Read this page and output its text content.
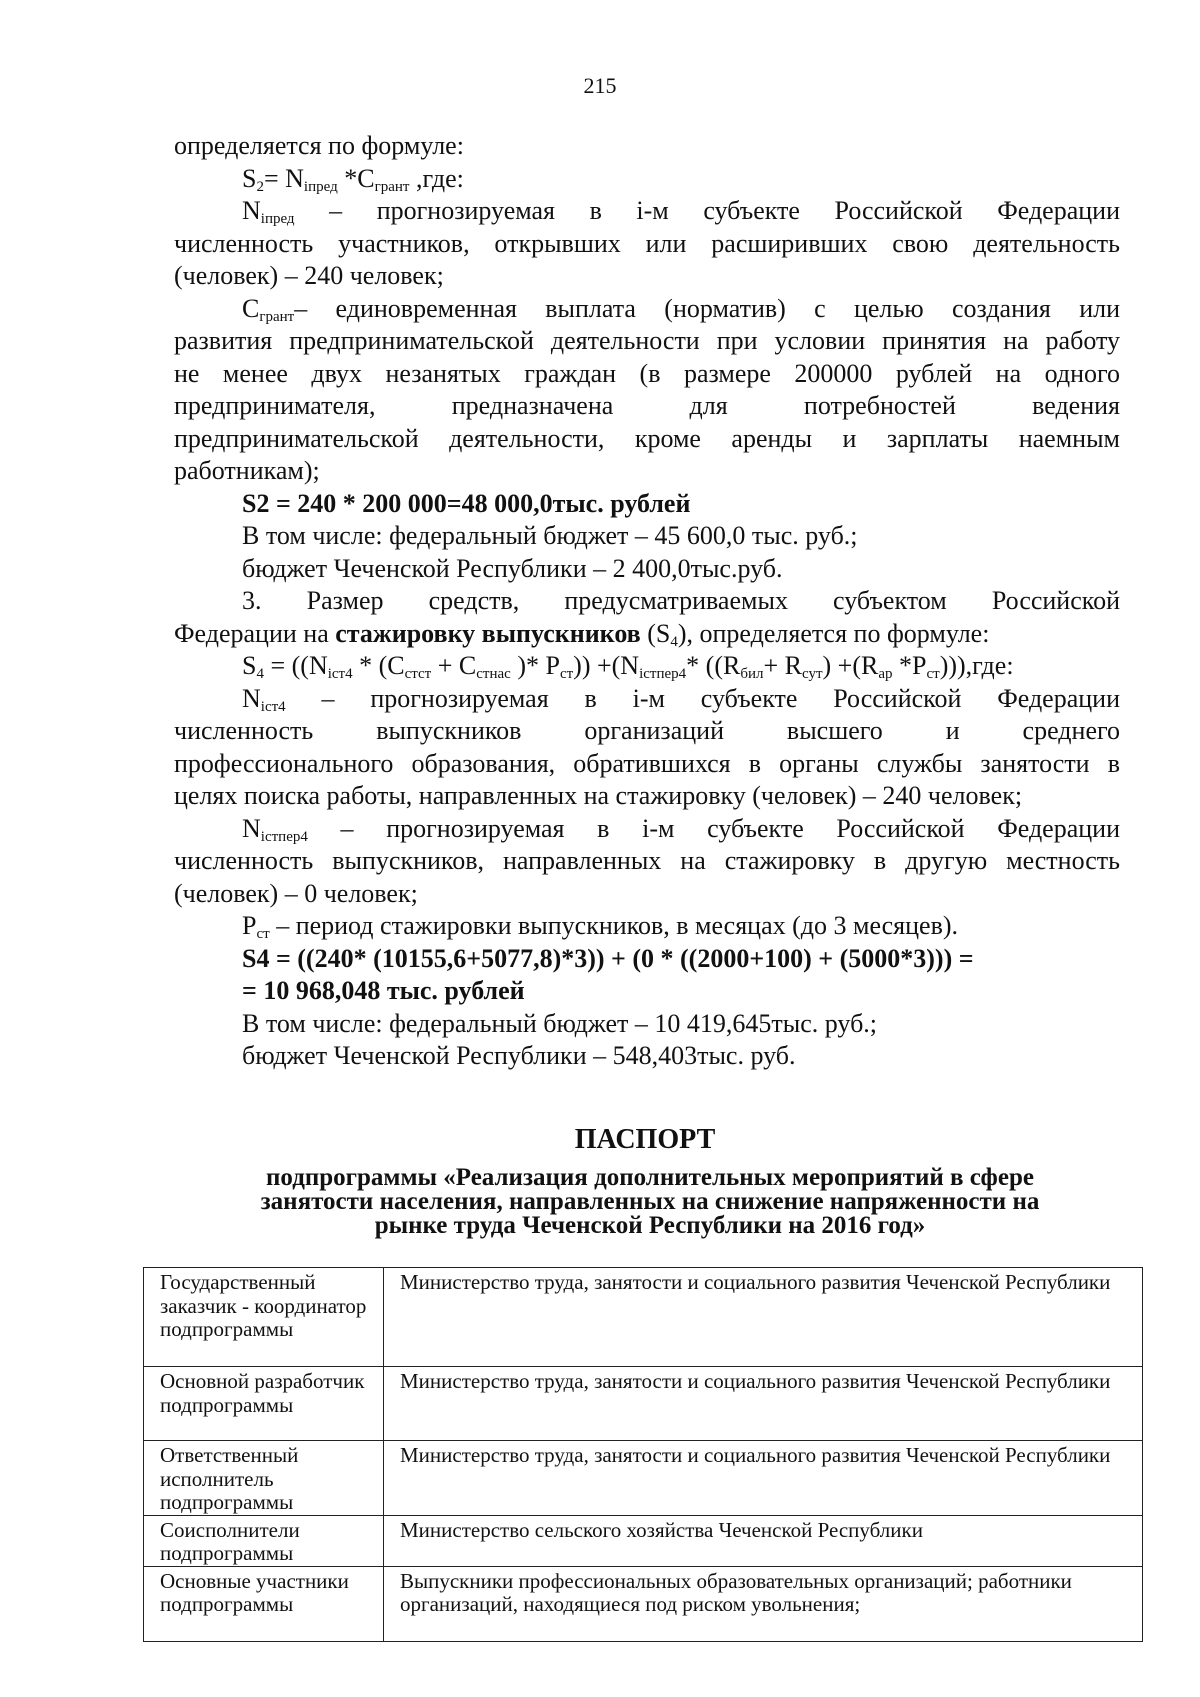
215

определяется по формуле:

$S_2= N_{iпред}$ $*C_{грант}$ ,где:

$N_{iпред}$ – прогнозируемая в i-м субъекте Российской Федерации

численность участников, открывших или расширивших свою деятельность

(человек) – 240 человек;

$C_{грант}-$ единовременная выплата (норматив) с целью создания или

развития предпринимательской деятельности при условии принятия на работу

не менее двух незанятых граждан (в размере 200000 рублей на одного

предпринимателя, предназначена для потребностей ведения

предпринимательской деятельности, кроме аренды и зарплаты наемным

работникам);

S2 = 240 * 200 000=48 000,0тыс. рублей

В том числе: федеральный бюджет – 45 600,0 тыс. руб.;

бюджет Чеченской Республики – 2 400,0тыс.руб.

3. Размер средств, предусматриваемых субъектом Российской

Федерации на стажировку выпускников $(S_4)$, определяется по формуле:

$S_4 = ((N_{iст4} * (C_{стст} + C_{стнас}$ )* $P_{ст})) +(N_{iстпер4}*$ ($(R_{бил}+ R_{сут}) +(R_{ар}$ $*P_{ст}))),где$:

$N_{iст4}$ – прогнозируемая в i-м субъекте Российской Федерации

численность выпускников организаций высшего и среднего

профессионального образования, обратившихся в органы службы занятости в

целях поиска работы, направленных на стажировку (человек) – 240 человек;

$N_{iстпер4}$ – прогнозируемая в i-м субъекте Российской Федерации

численность выпускников, направленных на стажировку в другую местность

(человек) – 0 человек;

$P_{ст}$ – период стажировки выпускников, в месяцах (до 3 месяцев).

S4 = ((240* (10155,6+5077,8)*3)) + (0 * ((2000+100) + (5000*3))) =

= 10 968,048 тыс. рублей

В том числе: федеральный бюджет – 10 419,645тыс. руб.;

бюджет Чеченской Республики – 548,403тыс. руб.

ПАСПОРТ
подпрограммы «Реализация дополнительных мероприятий в сфере
занятости населения, направленных на снижение напряженности на
рынке труда Чеченской Республики на 2016 год»
Государственный заказчик - координатор подпрограммы	Министерство труда, занятости и социального развития Чеченской Республики
Основной разработчик подпрограммы	Министерство труда, занятости и социального развития Чеченской Республики
Ответственный исполнитель подпрограммы	Министерство труда, занятости и социального развития Чеченской Республики
Соисполнители подпрограммы	Министерство сельского хозяйства Чеченской Республики
Основные участники подпрограммы	Выпускники профессиональных образовательных организаций; работники организаций, находящиеся под риском увольнения;
